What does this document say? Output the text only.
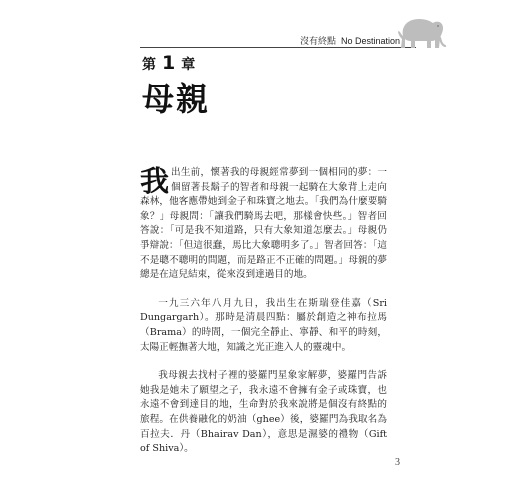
沒有終點 No Destination
第 1 章
母親

我出生前，懷著我的母親經常夢到一個相同的夢：一個留著長鬍子的智者和母親一起騎在大象背上走向森林，他客應帶她到金子和珠寶之地去。「我們為什麼要騎象？」母親問：「讓我們騎馬去吧，那樣會快些。」智者回答說：「可是我不知道路，只有大象知道怎麼去。」母親仍爭辯說：「但這很蠢，馬比大象聰明多了。」智者回答：「這不是聰不聰明的問題，而是路正不正確的問題。」母親的夢總是在這兒結束，從來沒到達過目的地。

一九三六年八月九日，我出生在斯瑞登佳嘉（Sri Dungargarh）。那時是清晨四點：屬於創造之神布拉馬（Brama）的時間，一個完全靜止、寧靜、和平的時刻，太陽正輕撫著大地，知識之光正進入人的靈魂中。

我母親去找村子裡的婆羅門星象家解夢，婆羅門告訴她我是她未了願望之子，我永遠不會擁有金子或珠寶，也永遠不會到達目的地，生命對於我來說將是個沒有終點的旅程。在供養融化的奶油（ghee）後，婆羅門為我取名為百拉夫．丹（Bhairav Dan），意思是濕婆的禮物（Gift of Shiva）。

3
